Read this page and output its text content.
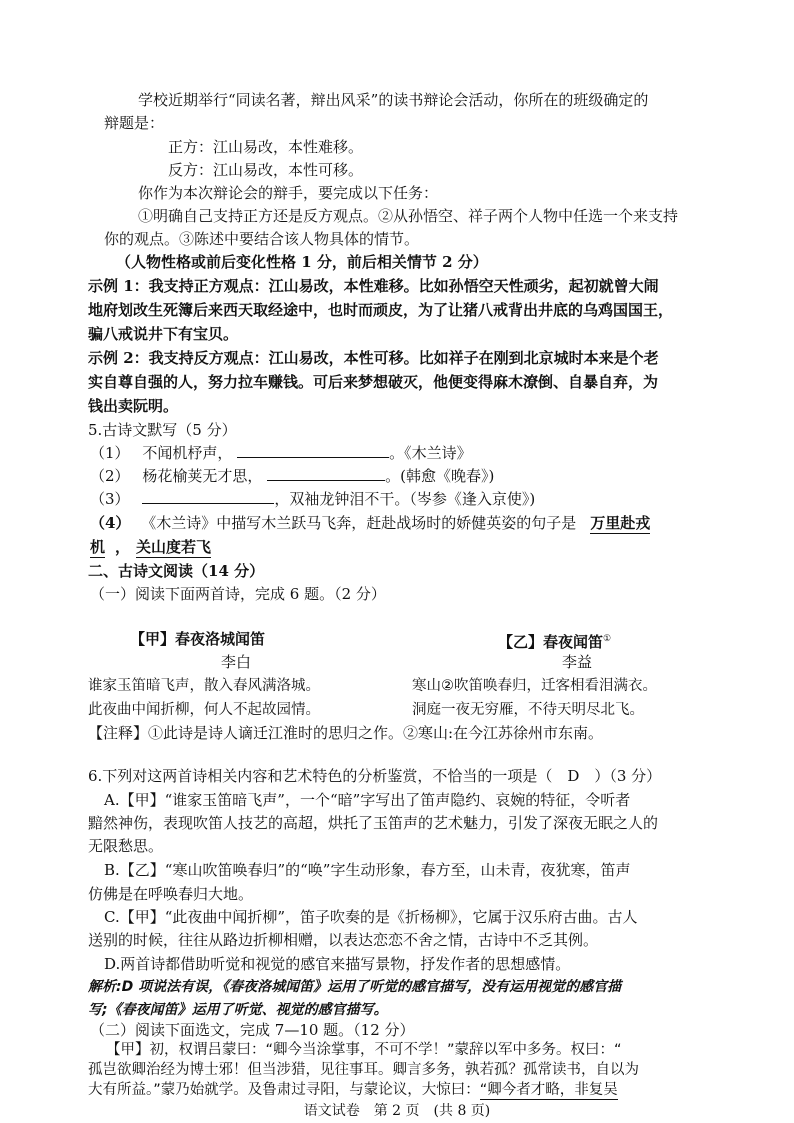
学校近期举行“同读名著，辩出风采”的读书辩论会活动，你所在的班级确定的
辩题是：
正方：江山易改，本性难移。
反方：江山易改，本性可移。
你作为本次辩论会的辩手，要完成以下任务：
①明确自己支持正方还是反方观点。②从孙悟空、祥子两个人物中任选一个来支持
你的观点。③陈述中要结合该人物具体的情节。
（人物性格或前后变化性格 1 分，前后相关情节 2 分）
示例 1：我支持正方观点：江山易改，本性难移。比如孙悟空天性顽劣，起初就曾大闹
地府划改生死簿后来西天取经途中，也时而顽皮，为了让猪八戒背出井底的乌鸡国国王，
骗八戒说井下有宝贝。
示例 2：我支持反方观点：江山易改，本性可移。比如祥子在刚到北京城时本来是个老
实自尊自强的人，努力拉车赚钱。可后来梦想破灭，他便变得麻木潦倒、自暴自弃，为
钱出卖阮明。
5.古诗文默写（5 分）
（1） 不闻机杼声，	。《木兰诗》
（2） 杨花榆荚无才思，	。(韩愈《晚春》)
（3）	，双袖龙钟泪不干。（岑参《逢入京使》)
（4） 《木兰诗》中描写木兰跃马飞奔，赶赴战场时的娇健英姿的句子是 万里赴戎
机 ， 关山度若飞
二、古诗文阅读（14 分）
（一）阅读下面两首诗，完成 6 题。（2 分）
【甲】春夜洛城闻笛
李白
谁家玉笛暗飞声，散入春风满洛城。
此夜曲中闻折柳，何人不起故园情。
【乙】春夜闻笛①
李益
寒山②吹笛唤春归，迁客相看泪满衣。
洞庭一夜无穷雁，不待天明尽北飞。
【注释】①此诗是诗人谪迁江淮时的思归之作。②寒山:在今江苏徐州市东南。
6.下列对这两首诗相关内容和艺术特色的分析鉴赏，不恰当的一项是（　D　）（3 分）
A.【甲】“谁家玉笛暗飞声”，一个“暗”字写出了笛声隐约、哀婉的特征，令听者
黯然神伤，表现吹笛人技艺的高超，烘托了玉笛声的艺术魅力，引发了深夜无眠之人的
无限愁思。
B.【乙】“寒山吹笛唤春归”的“唤”字生动形象，春方至，山未青，夜犹寒，笛声
仿佛是在呼唤春归大地。
C.【甲】“此夜曲中闻折柳”，笛子吹奏的是《折杨柳》，它属于汉乐府古曲。古人
送别的时候，往往从路边折柳相赠，以表达恋恋不舍之情，古诗中不乏其例。
D.两首诗都借助听觉和视觉的感官来描写景物，抒发作者的思想感情。
解析:D 项说法有误，《春夜洛城闻笛》运用了听觉的感官描写，没有运用视觉的感官描
写;《春夜闻笛》运用了听觉、视觉的感官描写。
（二）阅读下面选文，完成 7—10 题。（12 分）
【甲】初，权谓吕蒙曰：“卿今当涂掌事，不可不学！”蒙辞以军中多务。权曰：“
孤岂欲卿治经为博士邪！但当涉猎，见往事耳。卿言多务，孰若孤？孤常读书，自以为
语文试卷　第 2 页　(共 8 页)
大有所益。”蒙乃始就学。及鲁肃过寻阳，与蒙论议，大惊曰：“卿今者才略，非复吴
